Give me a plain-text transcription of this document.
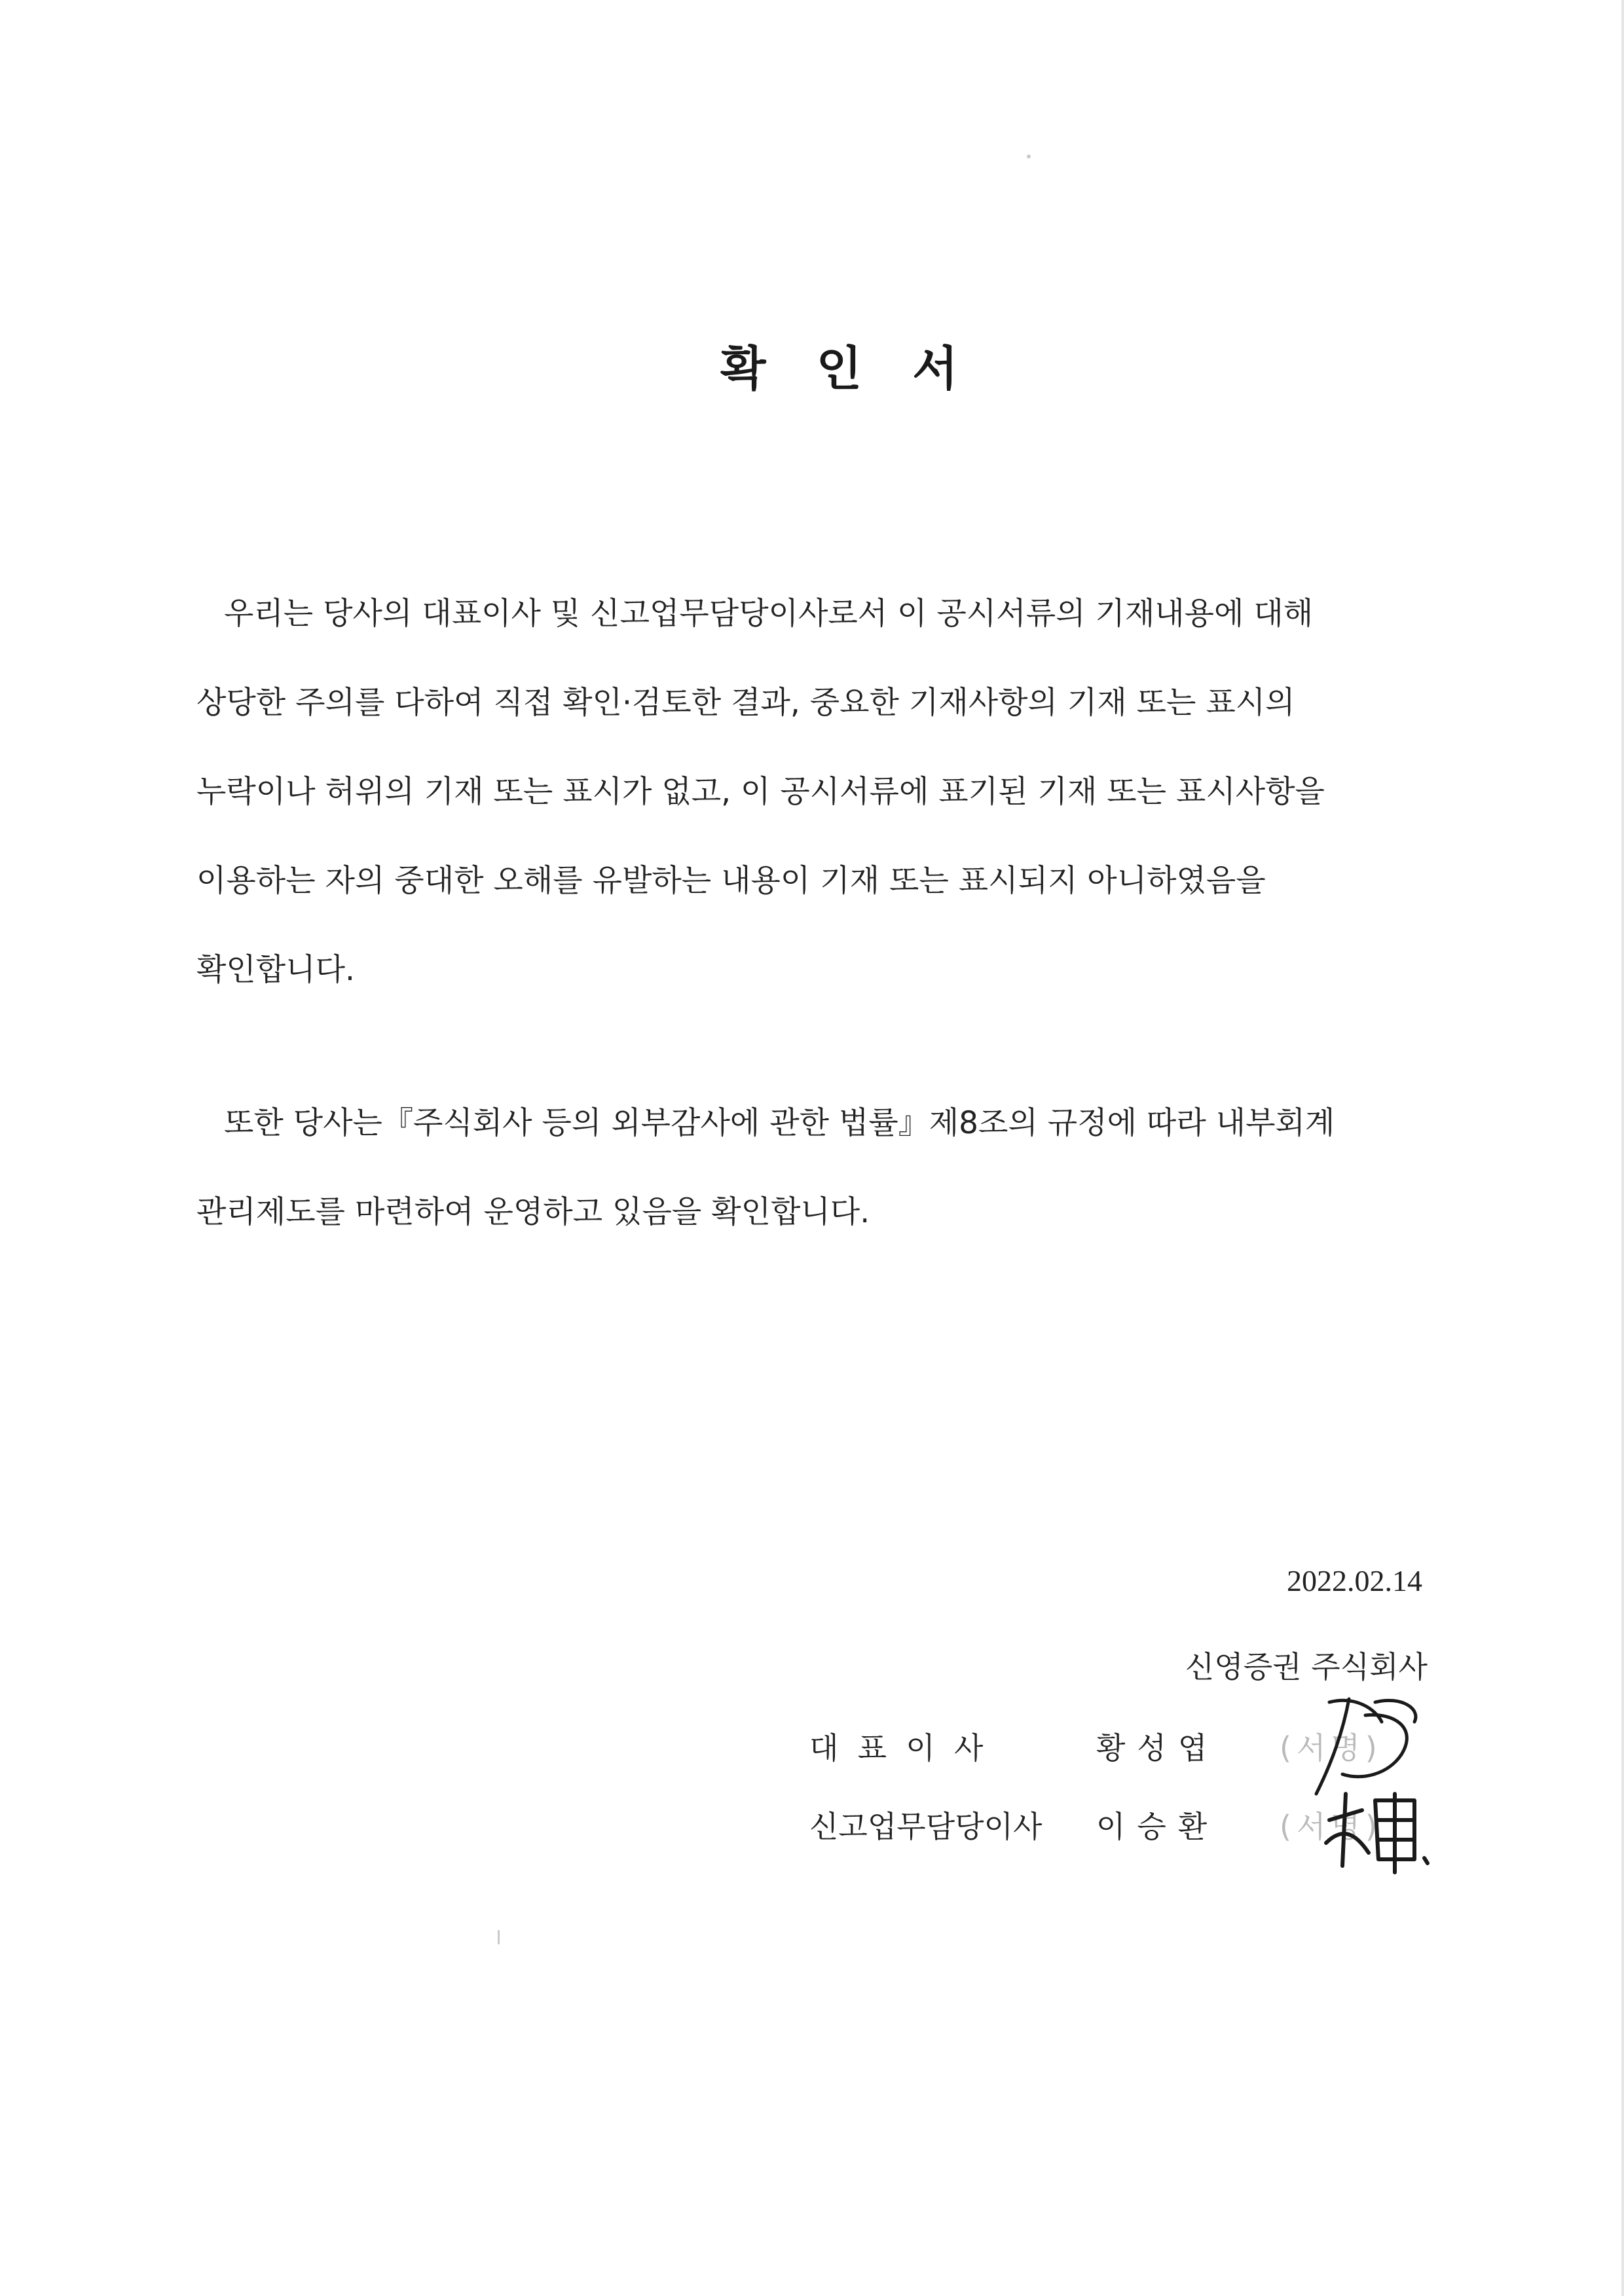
확 인 서
우리는 당사의 대표이사 및 신고업무담당이사로서 이 공시서류의 기재내용에 대해
상당한 주의를 다하여 직접 확인·검토한 결과, 중요한 기재사항의 기재 또는 표시의
누락이나 허위의 기재 또는 표시가 없고, 이 공시서류에 표기된 기재 또는 표시사항을
이용하는 자의 중대한 오해를 유발하는 내용이 기재 또는 표시되지 아니하였음을
확인합니다.
또한 당사는『주식회사 등의 외부감사에 관한 법률』제8조의 규정에 따라 내부회계
관리제도를 마련하여 운영하고 있음을 확인합니다.
2022.02.14
신영증권 주식회사
대  표  이  사	황성엽 (서명)
신고업무담당이사 이승환 (서명)
